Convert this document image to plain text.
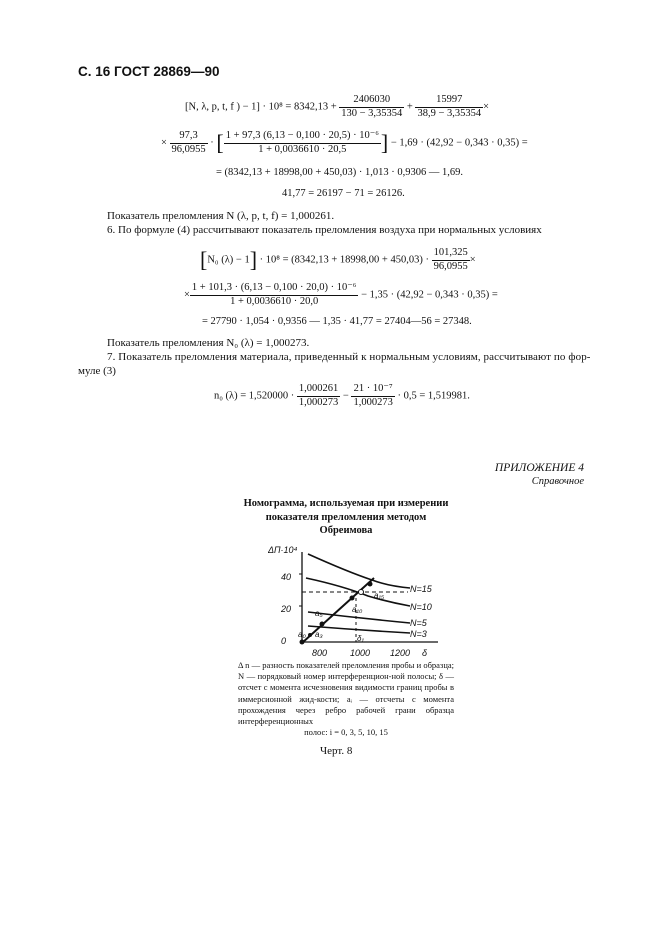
С. 16 ГОСТ 28869—90
[N, λ, p, t, f ) − $1] \cdot 10^8 = 8342,13 + \frac{2406030}{130 - 3,35354} + \frac{15997}{38,9 - 3,35354}$ ×
× $\frac{97,3}{96,0955}$ · [ $\frac{\text{1 + 97,3 (6,13 − 0,100 · 20,5) · 10⁻⁶}}{1 + 0,0036610 \cdot 20,5}$ ] − 1,69 · (42,92 − 0,343 · 0,35) =
= (8342,13 + 18998,00 + 450,03) · 1,013 · 0,9306 — 1,69.
41,77 = 26197 − 71 = 26126.
Показатель преломления N (λ, p, t, f) = 1,000261.
6. По формуле (4) рассчитывают показатель преломления воздуха при нормальных условиях
[N₀ $(\lambda) - 1] \cdot 10^8 = (8342,13 + 18998,00 + 450,03) \cdot \frac{101,325}{96,0955}$ ×
× $\frac{\text{1 + 101,3 · (6,13 − 0,100 · 20,0) · 10⁻⁶}}{1 + 0,0036610 \cdot 20,0} - 1,35 \cdot (42,92 - 0,343 \cdot 0,35)$ =
= 27790 · 1,054 · 0,9356 — 1,35 · 41,77 = 27404—56 = 27348.
Показатель преломления N₀ (λ) = 1,000273.
7. Показатель преломления материала, приведенный к нормальным условиям, рассчитывают по фор-
муле (3)
n₀ $(\lambda) = 1,520000 \cdot \frac{1,000261}{1,000273} - \frac{\text{21 · 10⁻⁷}}{1,000273} \cdot 0,5 = 1,519981$.
ПРИЛОЖЕНИЕ 4
Справочное
Номограмма, используемая при измерении
показателя преломления методом
Обреимова
ΔП·10⁴
40
20
0
800	1000 1200 δ
N=15
N=10
N=5
N=3
a₀ a₃
a₅	a₁₀
a₁₅
δ₁
Δ n — разность показателей преломления пробы и образца; N — порядковый номер интерференцион-ной полосы; δ — отсчет с момента исчезновения видимости границ пробы в иммерсионной жид-кости; aᵢ — отсчеты с момента прохождения через ребро рабочей грани образца интерференционных
полос: i = 0, 3, 5, 10, 15
Черт. 8
